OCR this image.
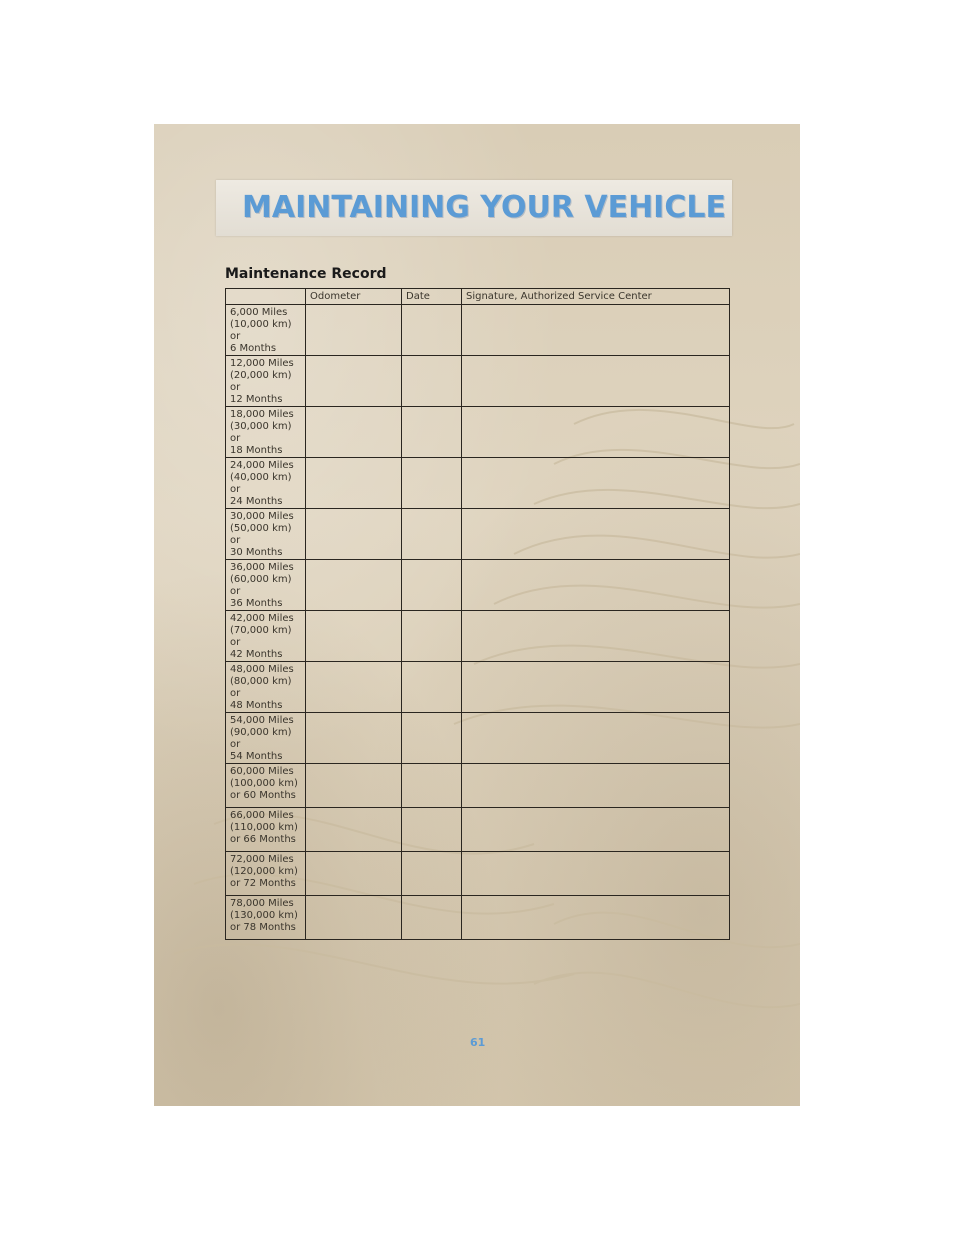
MAINTAINING YOUR VEHICLE
Maintenance Record
	Odometer	Date	Signature, Authorized Service Center

6,000 Miles
(10,000 km) or
6 Months			

12,000 Miles
(20,000 km) or
12 Months			

18,000 Miles
(30,000 km) or
18 Months			

24,000 Miles
(40,000 km) or
24 Months			

30,000 Miles
(50,000 km) or
30 Months			

36,000 Miles
(60,000 km) or
36 Months			

42,000 Miles
(70,000 km) or
42 Months			

48,000 Miles
(80,000 km) or
48 Months			

54,000 Miles
(90,000 km) or
54 Months			

60,000 Miles
(100,000 km)
or 60 Months			

66,000 Miles
(110,000 km)
or 66 Months			

72,000 Miles
(120,000 km)
or 72 Months			

78,000 Miles
(130,000 km)
or 78 Months			

61
